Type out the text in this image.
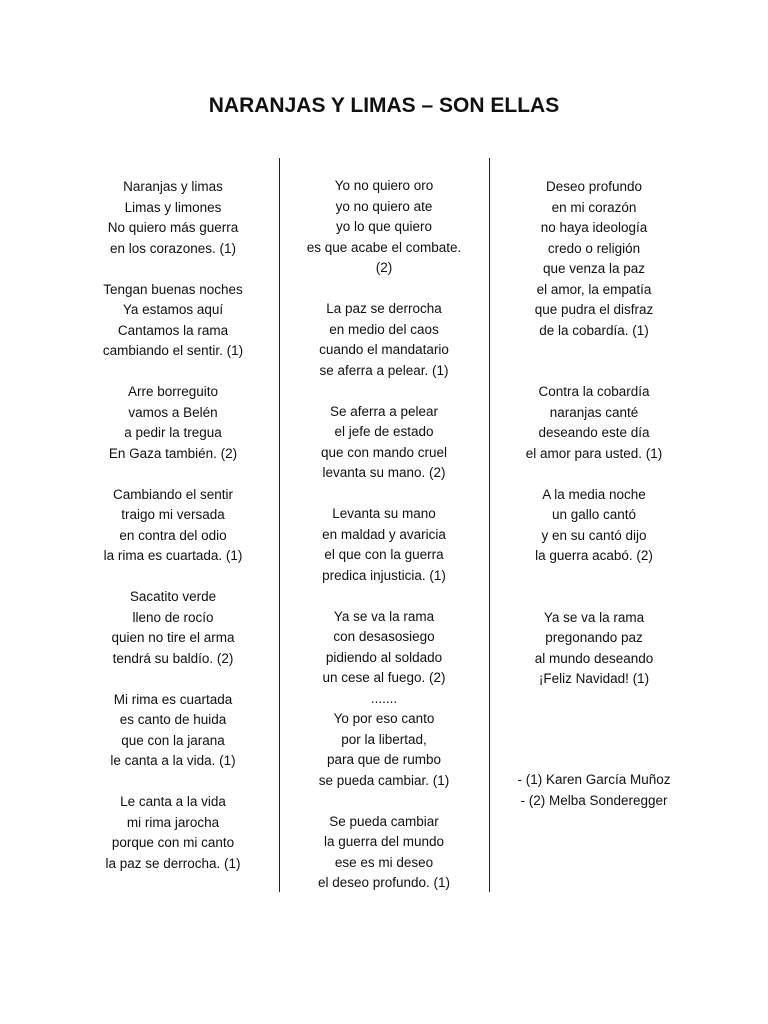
NARANJAS Y LIMAS – SON ELLAS
Naranjas y limas
Limas y limones
No quiero más guerra
en los corazones. (1)
Tengan buenas noches
Ya estamos aquí
Cantamos la rama
cambiando el sentir. (1)
Arre borreguito
vamos a Belén
a pedir la tregua
En Gaza también. (2)
Cambiando el sentir
traigo mi versada
en contra del odio
la rima es cuartada. (1)
Sacatito verde
lleno de rocío
quien no tire el arma
tendrá su baldío. (2)
Mi rima es cuartada
es canto de huida
que con la jarana
le canta a la vida. (1)
Le canta a la vida
mi rima jarocha
porque con mi canto
la paz se derrocha. (1)
Yo no quiero oro
yo no quiero ate
yo lo que quiero
es que acabe el combate.
(2)
La paz se derrocha
en medio del caos
cuando el mandatario
se aferra a pelear. (1)
Se aferra a pelear
el jefe de estado
que con mando cruel
levanta su mano. (2)
Levanta su mano
en maldad y avaricia
el que con la guerra
predica injusticia. (1)
Ya se va la rama
con desasosiego
pidiendo al soldado
un cese al fuego. (2)
.......
Yo por eso canto
por la libertad,
para que de rumbo
se pueda cambiar. (1)
Se pueda cambiar
la guerra del mundo
ese es mi deseo
el deseo profundo. (1)
Deseo profundo
en mi corazón
no haya ideología
credo o religión
que venza la paz
el amor, la empatía
que pudra el disfraz
de la cobardía. (1)
Contra la cobardía
naranjas canté
deseando este día
el amor para usted. (1)
A la media noche
un gallo cantó
y en su cantó dijo
la guerra acabó. (2)
Ya se va la rama
pregonando paz
al mundo deseando
¡Feliz Navidad! (1)
- (1) Karen García Muñoz
- (2) Melba Sonderegger
